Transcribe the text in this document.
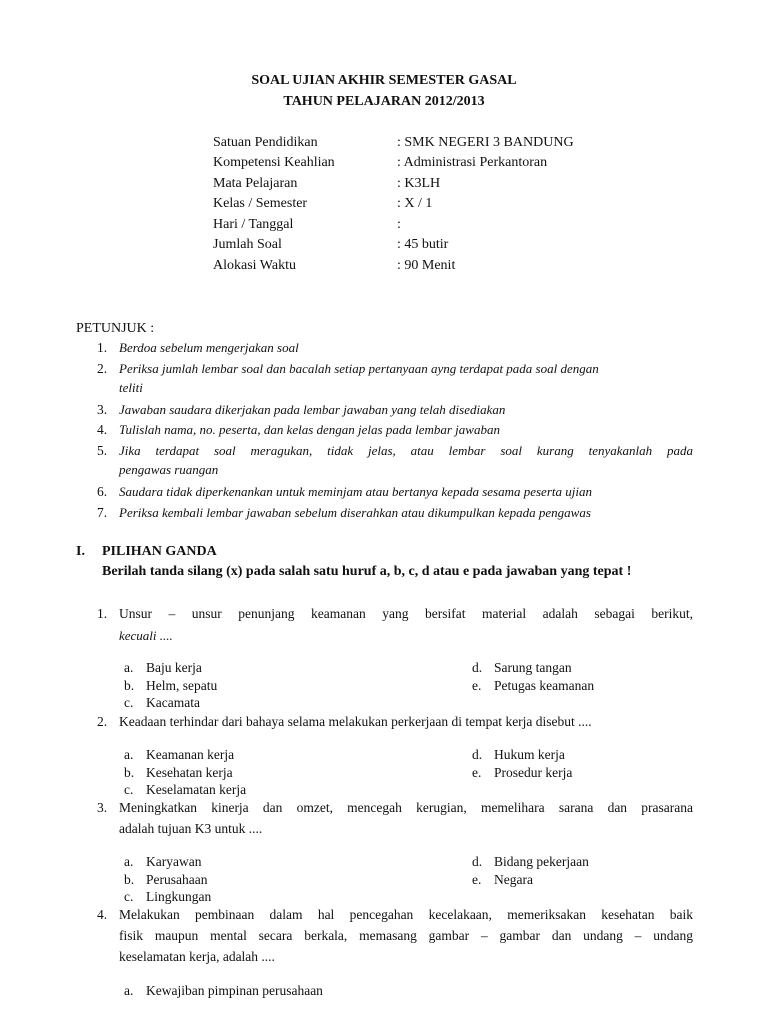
SOAL UJIAN AKHIR SEMESTER GASAL
TAHUN PELAJARAN 2012/2013
Satuan Pendidikan	: SMK NEGERI 3 BANDUNG
Kompetensi Keahlian	: Administrasi Perkantoran
Mata Pelajaran	: K3LH
Kelas / Semester	: X / 1
Hari / Tanggal	:
Jumlah Soal	: 45 butir
Alokasi Waktu	: 90 Menit
PETUNJUK :
1. Berdoa sebelum mengerjakan soal
2. Periksa jumlah lembar soal dan bacalah setiap pertanyaan ayng terdapat pada soal dengan
teliti
3. Jawaban saudara dikerjakan pada lembar jawaban yang telah disediakan
4. Tulislah nama, no. peserta, dan kelas dengan jelas pada lembar jawaban
5. Jika terdapat soal meragukan, tidak jelas, atau lembar soal kurang tenyakanlah pada
pengawas ruangan
6. Saudara tidak diperkenankan untuk meminjam atau bertanya kepada sesama peserta ujian
7. Periksa kembali lembar jawaban sebelum diserahkan atau dikumpulkan kepada pengawas
I. PILIHAN GANDA
Berilah tanda silang (x) pada salah satu huruf a, b, c, d atau e pada jawaban yang tepat !
1. Unsur – unsur penunjang keamanan yang bersifat material adalah sebagai berikut,
kecuali ....
a. Baju kerja
b. Helm, sepatu
c. Kacamata
d. Sarung tangan
e. Petugas keamanan
2. Keadaan terhindar dari bahaya selama melakukan perkerjaan di tempat kerja disebut ....
a. Keamanan kerja
b. Kesehatan kerja
c. Keselamatan kerja
d. Hukum kerja
e. Prosedur kerja
3. Meningkatkan kinerja dan omzet, mencegah kerugian, memelihara sarana dan prasarana
adalah tujuan K3 untuk ....
a. Karyawan
b. Perusahaan
c. Lingkungan
d. Bidang pekerjaan
e. Negara
4. Melakukan pembinaan dalam hal pencegahan kecelakaan, memeriksakan kesehatan baik
fisik maupun mental secara berkala, memasang gambar – gambar dan undang – undang
keselamatan kerja, adalah ....
a. Kewajiban pimpinan perusahaan
